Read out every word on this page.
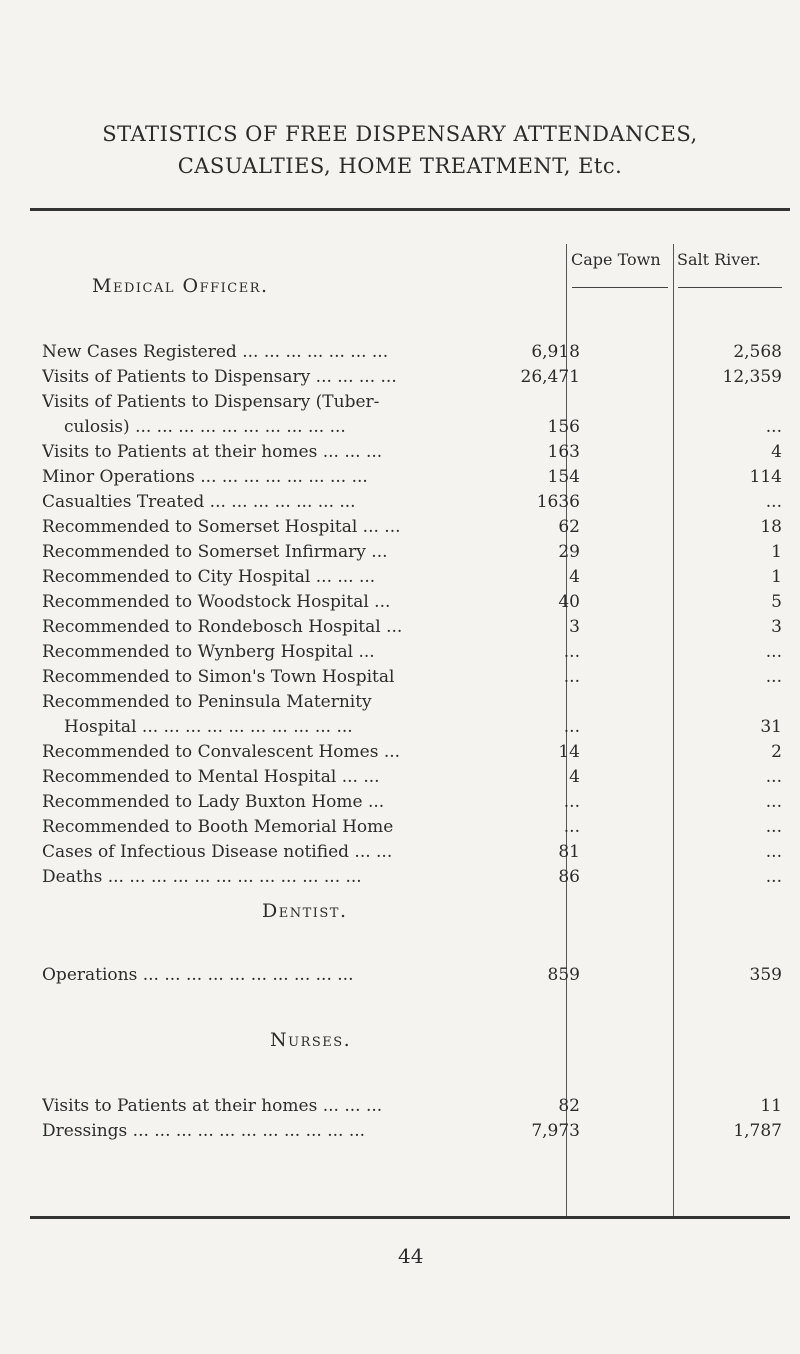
STATISTICS OF FREE DISPENSARY ATTENDANCES,
CASUALTIES, HOME TREATMENT, Etc.
Cape Town Salt River.
Medical Officer.
New Cases Registered ... ... ... ... ... ... ...	6,918	2,568
Visits of Patients to Dispensary ... ... ... ...	26,471	12,359
Visits of Patients to Dispensary (Tuber-
culosis) ... ... ... ... ... ... ... ... ... ...	156	...
Visits to Patients at their homes ... ... ...	163	4
Minor Operations ... ... ... ... ... ... ... ...	154	114
Casualties Treated ... ... ... ... ... ... ...	1636	...
Recommended to Somerset Hospital ... ...	62	18
Recommended to Somerset Infirmary ...	29	1
Recommended to City Hospital ... ... ...	4	1
Recommended to Woodstock Hospital ...	40	5
Recommended to Rondebosch Hospital ...	3	3
Recommended to Wynberg Hospital ...	...	...
Recommended to Simon's Town Hospital	...	...
Recommended to Peninsula Maternity
Hospital ... ... ... ... ... ... ... ... ... ...	...	31
Recommended to Convalescent Homes ...	14	2
Recommended to Mental Hospital ... ...	4	...
Recommended to Lady Buxton Home ...	...	...
Recommended to Booth Memorial Home	...	...
Cases of Infectious Disease notified ... ...	81	...
Deaths ... ... ... ... ... ... ... ... ... ... ... ...	86	...
Dentist.
Operations ... ... ... ... ... ... ... ... ... ...	859	359
Nurses.
Visits to Patients at their homes ... ... ...	82	11
Dressings ... ... ... ... ... ... ... ... ... ... ...	7,973	1,787
44
